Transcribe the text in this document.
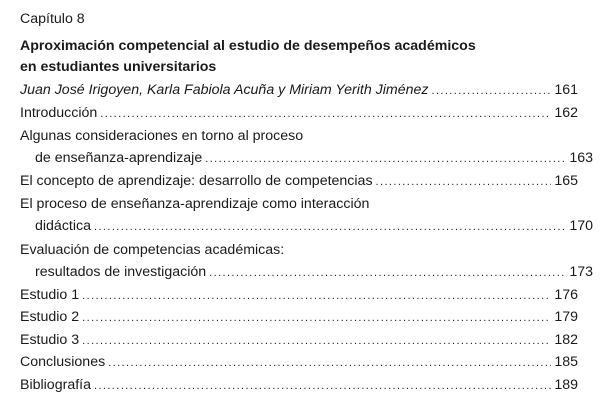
Capítulo 8
Aproximación competencial al estudio de desempeños académicos
en estudiantes universitarios
Juan José Irigoyen, Karla Fabiola Acuña y Miriam Yerith Jiménez .....	161
Introducción .....	162
Algunas consideraciones en torno al proceso
de enseñanza-aprendizaje .....	163
El concepto de aprendizaje: desarrollo de competencias .....	165
El proceso de enseñanza-aprendizaje como interacción
didáctica .....	170
Evaluación de competencias académicas:
resultados de investigación .....	173
Estudio 1 .....	176
Estudio 2 .....	179
Estudio 3 .....	182
Conclusiones .....	185
Bibliografía .....	189
